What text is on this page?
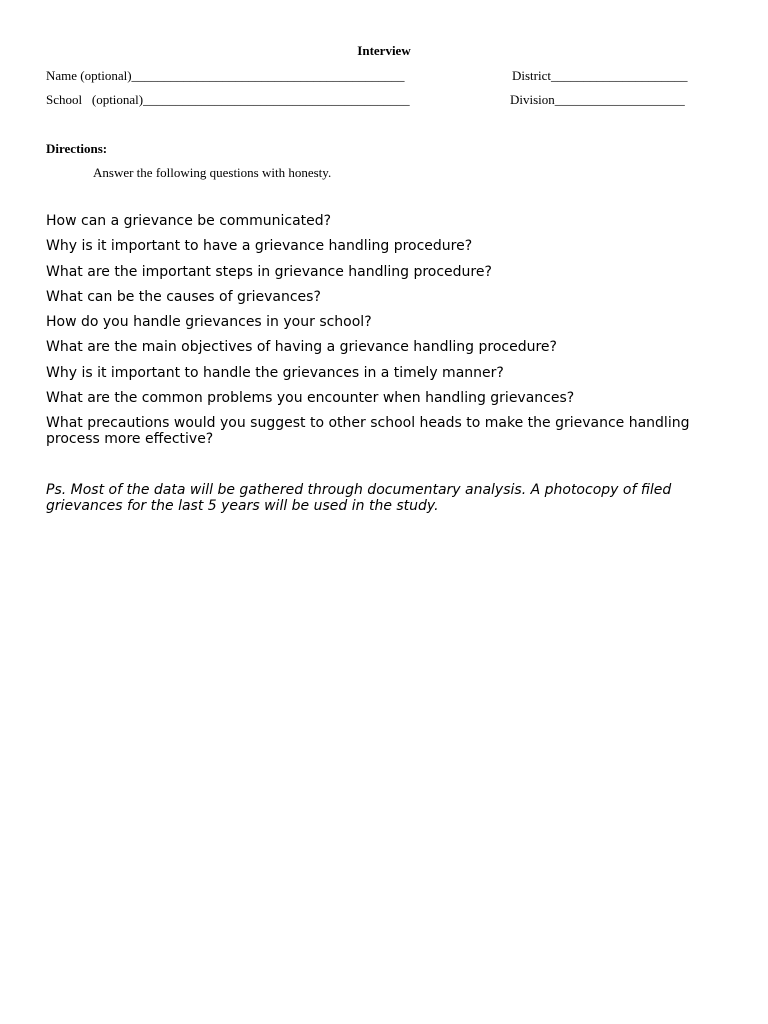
Interview
Name (optional)__________________________________________	District_____________________
School   (optional)_________________________________________	Division____________________
Directions:
Answer the following questions with honesty.
How can a grievance be communicated?
Why is it important to have a grievance handling procedure?
What are the important steps in grievance handling procedure?
What can be the causes of grievances?
How do you handle grievances in your school?
What are the main objectives of having a grievance handling procedure?
Why is it important to handle the grievances in a timely manner?
What are the common problems you encounter when handling grievances?
What precautions would you suggest to other school heads to make the grievance handling process more effective?
Ps. Most of the data will be gathered through documentary analysis. A photocopy of filed grievances for the last 5 years will be used in the study.
